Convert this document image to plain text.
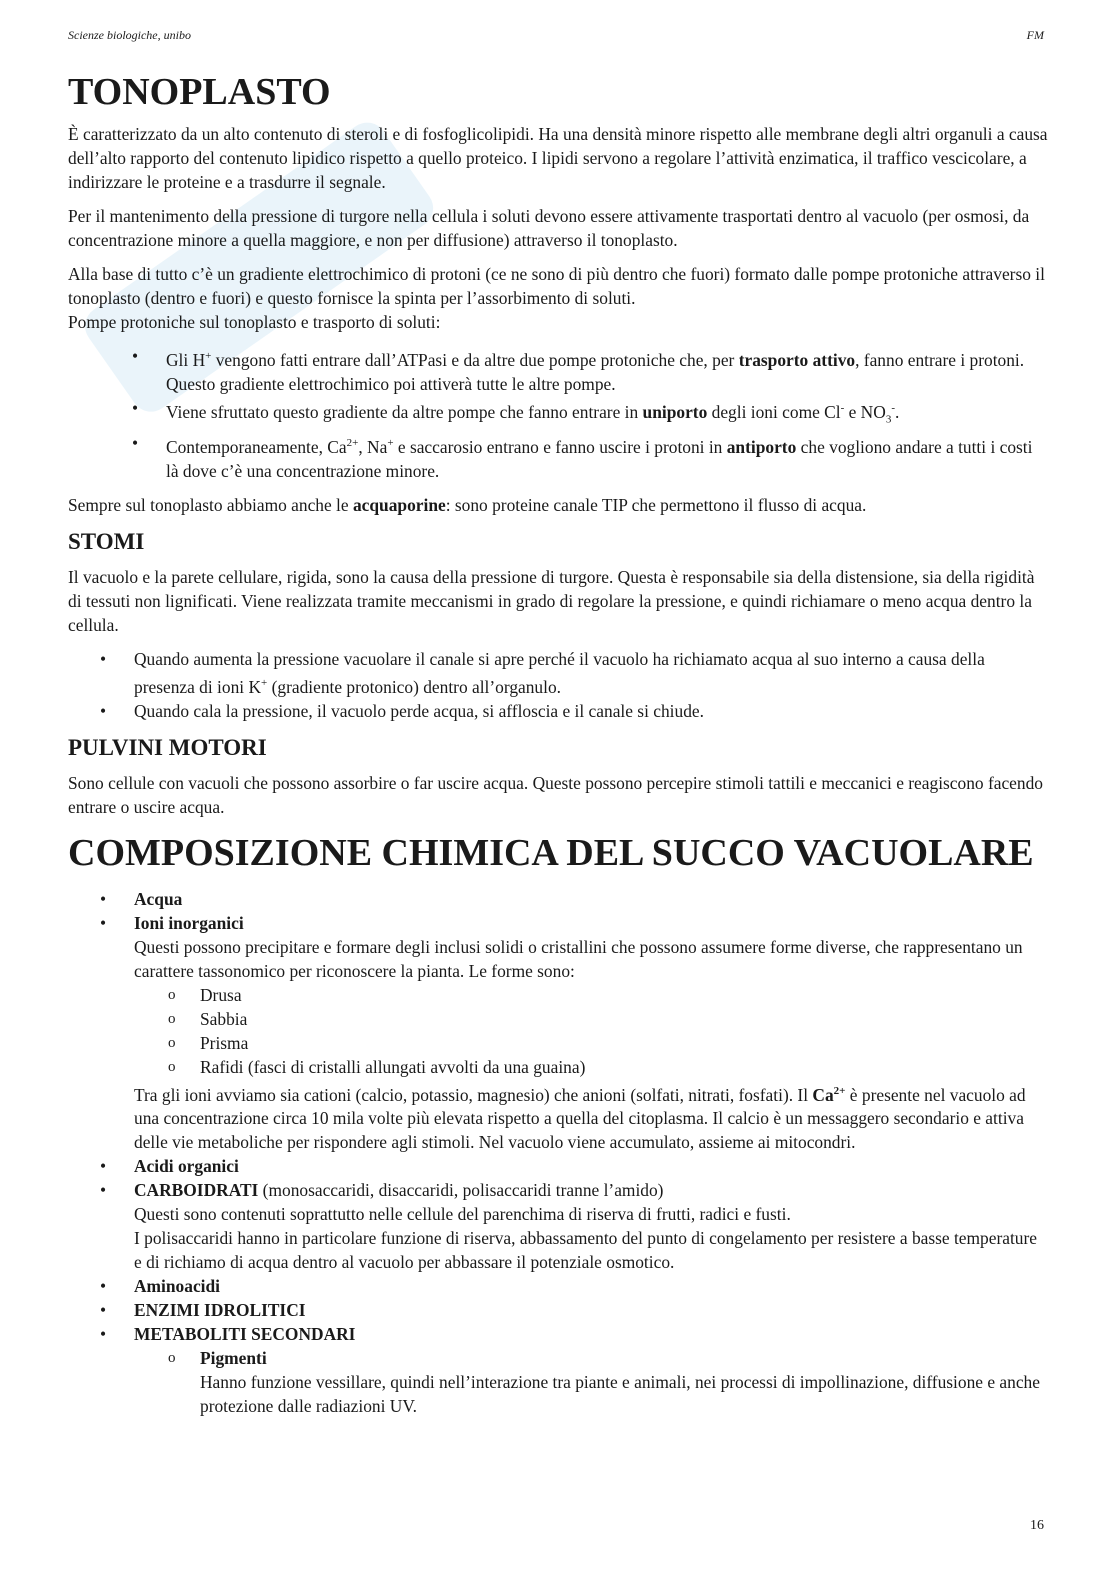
Scienze biologiche, unibo	FM
TONOPLASTO

È caratterizzato da un alto contenuto di steroli e di fosfoglicolipidi. Ha una densità minore rispetto alle membrane degli altri organuli a causa dell’alto rapporto del contenuto lipidico rispetto a quello proteico. I lipidi servono a regolare l’attività enzimatica, il traffico vescicolare, a indirizzare le proteine e a trasdurre il segnale.

Per il mantenimento della pressione di turgore nella cellula i soluti devono essere attivamente trasportati dentro al vacuolo (per osmosi, da concentrazione minore a quella maggiore, e non per diffusione) attraverso il tonoplasto.

Alla base di tutto c’è un gradiente elettrochimico di protoni (ce ne sono di più dentro che fuori) formato dalle pompe protoniche attraverso il tonoplasto (dentro e fuori) e questo fornisce la spinta per l’assorbimento di soluti.

Pompe protoniche sul tonoplasto e trasporto di soluti:

• Gli H+ vengono fatti entrare dall’ATPasi e da altre due pompe protoniche che, per trasporto attivo, fanno entrare i protoni. Questo gradiente elettrochimico poi attiverà tutte le altre pompe.
• Viene sfruttato questo gradiente da altre pompe che fanno entrare in uniporto degli ioni come Cl- e $NO_3^-$.
• Contemporaneamente, $Ca^{2+}$, Na+ e saccarosio entrano e fanno uscire i protoni in antiporto che vogliono andare a tutti i costi là dove c’è una concentrazione minore.

Sempre sul tonoplasto abbiamo anche le acquaporine: sono proteine canale TIP che permettono il flusso di acqua.

STOMI

Il vacuolo e la parete cellulare, rigida, sono la causa della pressione di turgore. Questa è responsabile sia della distensione, sia della rigidità di tessuti non lignificati. Viene realizzata tramite meccanismi in grado di regolare la pressione, e quindi richiamare o meno acqua dentro la cellula.

• Quando aumenta la pressione vacuolare il canale si apre perché il vacuolo ha richiamato acqua al suo interno a causa della presenza di ioni K+ (gradiente protonico) dentro all’organulo.
• Quando cala la pressione, il vacuolo perde acqua, si affloscia e il canale si chiude.
PULVINI MOTORI

Sono cellule con vacuoli che possono assorbire o far uscire acqua. Queste possono percepire stimoli tattili e meccanici e reagiscono facendo entrare o uscire acqua.

COMPOSIZIONE CHIMICA DEL SUCCO VACUOLARE
• Acqua
• Ioni inorganici
Questi possono precipitare e formare degli inclusi solidi o cristallini che possono assumere forme diverse, che rappresentano un carattere tassonomico per riconoscere la pianta. Le forme sono:
o Drusa
o Sabbia
o Prisma
o Rafidi (fasci di cristalli allungati avvolti da una guaina)
Tra gli ioni avviamo sia cationi (calcio, potassio, magnesio) che anioni (solfati, nitrati, fosfati). Il $Ca^{2+}$ è presente nel vacuolo ad una concentrazione circa 10 mila volte più elevata rispetto a quella del citoplasma. Il calcio è un messaggero secondario e attiva delle vie metaboliche per rispondere agli stimoli. Nel vacuolo viene accumulato, assieme ai mitocondri.
• Acidi organici
• CARBOIDRATI (monosaccaridi, disaccaridi, polisaccaridi tranne l’amido)
Questi sono contenuti soprattutto nelle cellule del parenchima di riserva di frutti, radici e fusti.
I polisaccaridi hanno in particolare funzione di riserva, abbassamento del punto di congelamento per resistere a basse temperature e di richiamo di acqua dentro al vacuolo per abbassare il potenziale osmotico.
• Aminoacidi
• ENZIMI IDROLITICI
• METABOLITI SECONDARI
o Pigmenti
Hanno funzione vessillare, quindi nell’interazione tra piante e animali, nei processi di impollinazione, diffusione e anche protezione dalle radiazioni UV.
16
